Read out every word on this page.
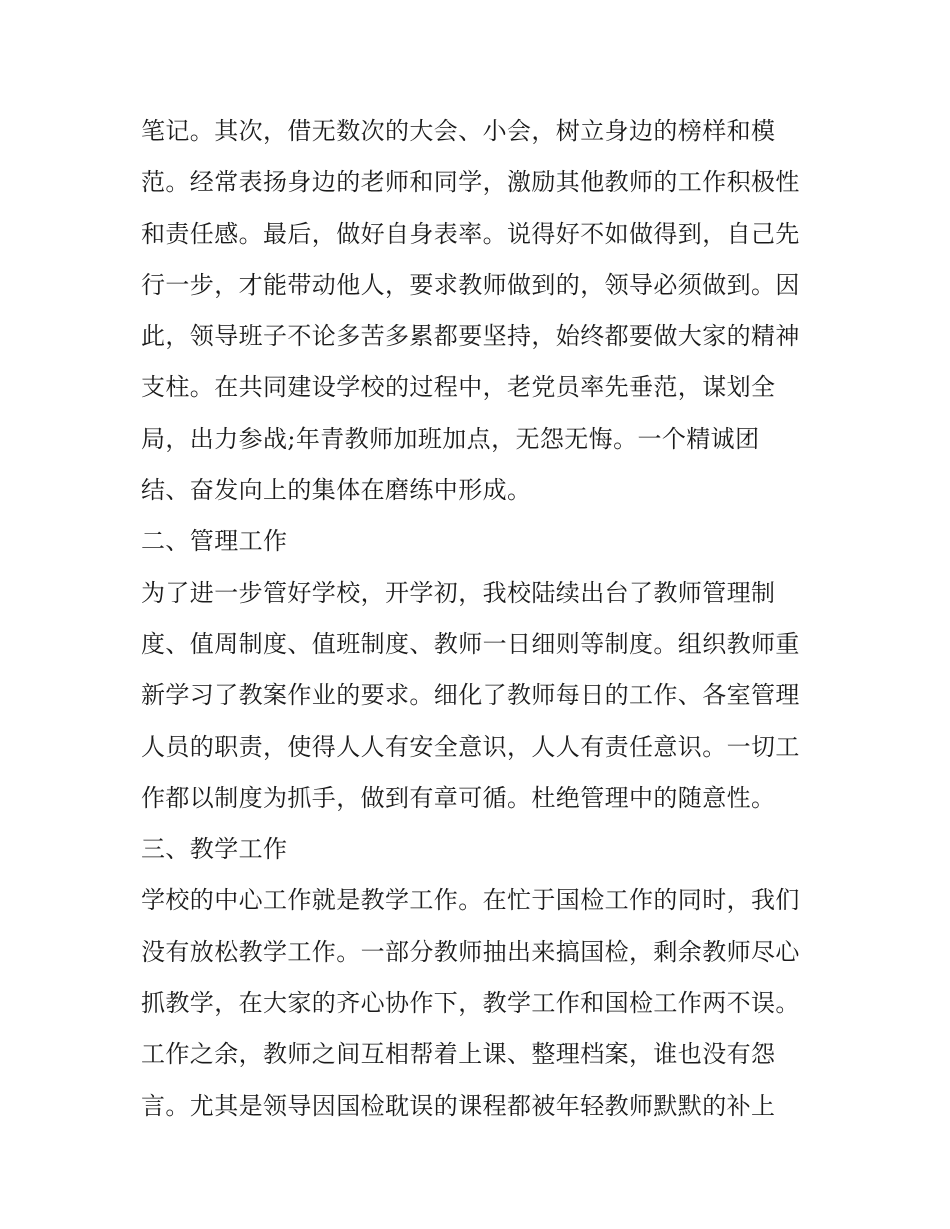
笔记。其次，借无数次的大会、小会，树立身边的榜样和模
范。经常表扬身边的老师和同学，激励其他教师的工作积极性
和责任感。最后，做好自身表率。说得好不如做得到，自己先
行一步，才能带动他人，要求教师做到的，领导必须做到。因
此，领导班子不论多苦多累都要坚持，始终都要做大家的精神
支柱。在共同建设学校的过程中，老党员率先垂范，谋划全
局，出力参战;年青教师加班加点，无怨无悔。一个精诚团
结、奋发向上的集体在磨练中形成。
二、管理工作
为了进一步管好学校，开学初，我校陆续出台了教师管理制
度、值周制度、值班制度、教师一日细则等制度。组织教师重
新学习了教案作业的要求。细化了教师每日的工作、各室管理
人员的职责，使得人人有安全意识，人人有责任意识。一切工
作都以制度为抓手，做到有章可循。杜绝管理中的随意性。
三、教学工作
学校的中心工作就是教学工作。在忙于国检工作的同时，我们
没有放松教学工作。一部分教师抽出来搞国检，剩余教师尽心
抓教学，在大家的齐心协作下，教学工作和国检工作两不误。
工作之余，教师之间互相帮着上课、整理档案，谁也没有怨
言。尤其是领导因国检耽误的课程都被年轻教师默默的补上
